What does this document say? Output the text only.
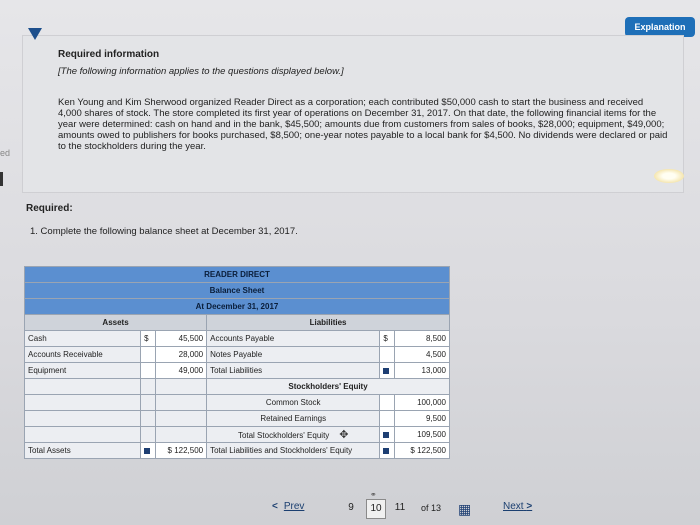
Explanation
ed
Required information
[The following information applies to the questions displayed below.]
Ken Young and Kim Sherwood organized Reader Direct as a corporation; each contributed $50,000 cash to start the business and received 4,000 shares of stock. The store completed its first year of operations on December 31, 2017. On that date, the following financial items for the year were determined: cash on hand and in the bank, $45,500; amounts due from customers from sales of books, $28,000; equipment, $49,000; amounts owed to publishers for books purchased, $8,500; one-year notes payable to a local bank for $4,500. No dividends were declared or paid to the stockholders during the year.
Required:
1. Complete the following balance sheet at December 31, 2017.
READER DIRECT					
Balance Sheet					
At December 31, 2017					
Assets			Liabilities		
Cash	$	45,500	Accounts Payable	$	8,500
Accounts Receivable		28,000	Notes Payable		4,500
Equipment		49,000	Total Liabilities		13,000
			Stockholders' Equity		
			Common Stock		100,000
			Retained Earnings		9,500
			Total Stockholders' Equity ✥		109,500
Total Assets		$ 122,500	Total Liabilities and Stockholders' Equity		$ 122,500
< Prev	9
⚭
10	11	of 13 ▦	Next >
